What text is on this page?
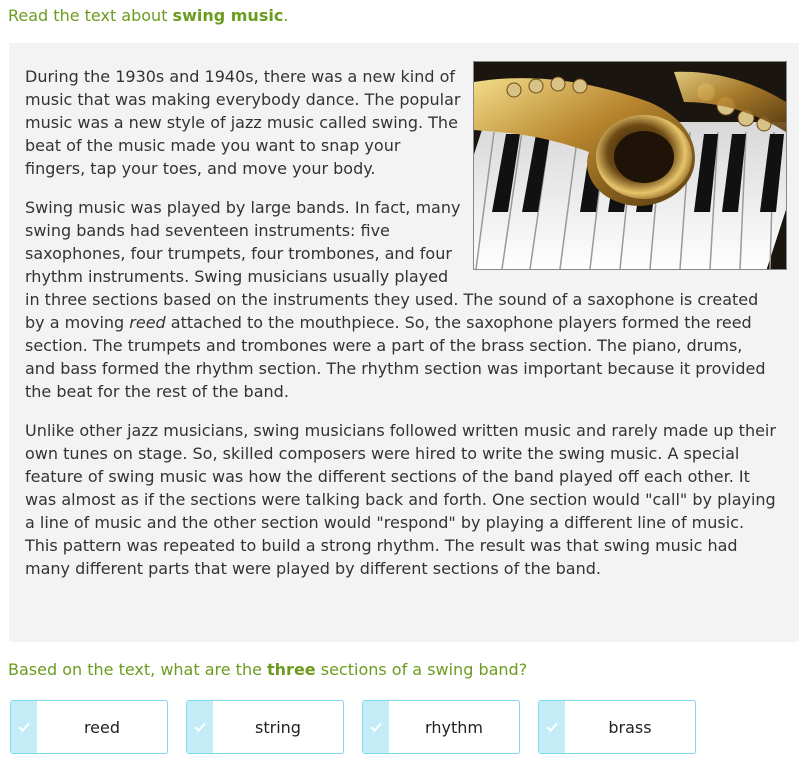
Read the text about swing music.

During the 1930s and 1940s, there was a new kind of music that was making everybody dance. The popular music was a new style of jazz music called swing. The beat of the music made you want to snap your fingers, tap your toes, and move your body.

Swing music was played by large bands. In fact, many swing bands had seventeen instruments: five saxophones, four trumpets, four trombones, and four rhythm instruments. Swing musicians usually played in three sections based on the instruments they used. The sound of a saxophone is created by a moving reed attached to the mouthpiece. So, the saxophone players formed the reed section. The trumpets and trombones were a part of the brass section. The piano, drums, and bass formed the rhythm section. The rhythm section was important because it provided the beat for the rest of the band.

Unlike other jazz musicians, swing musicians followed written music and rarely made up their own tunes on stage. So, skilled composers were hired to write the swing music. A special feature of swing music was how the different sections of the band played off each other. It was almost as if the sections were talking back and forth. One section would "call" by playing a line of music and the other section would "respond" by playing a different line of music. This pattern was repeated to build a strong rhythm. The result was that swing music had many different parts that were played by different sections of the band.

Based on the text, what are the three sections of a swing band?
reed	string	rhythm	brass
